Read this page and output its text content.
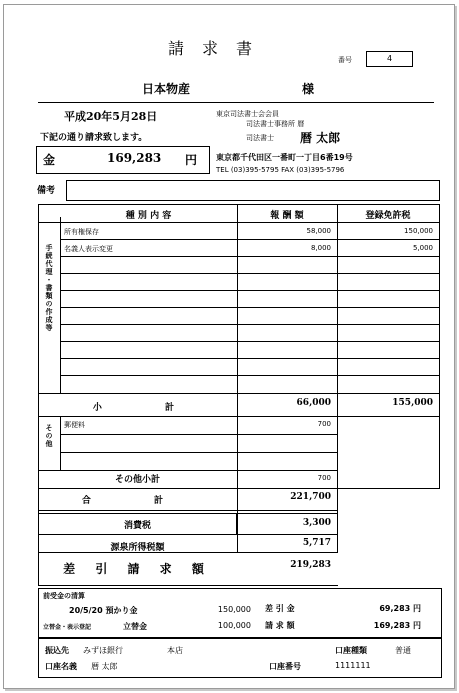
請求書
番号	4
日本物産	様
平成20年5月28日
下記の通り請求致します。
金	169,283 円
東京司法書士会会員
司法書士事務所 暦
司法書士 暦 太郎
東京都千代田区一番町一丁目6番19号
TEL (03)395-5795 FAX (03)395-5796
備考
種 別 内 容	報 酬 額	登録免許税
手続代理・書類の作成等
所有権保存	58,000	150,000
名義人表示変更	8,000	5,000
小 計	66,000	155,000
その他 郵便料	700
その他小計	700
合 計	221,700
消費税	3,300
源泉所得税額	5,717
差 引 請 求 額	219,283
前受金の清算
20/5/20 預かり金	150,000
立替金・表示登記	立替金	100,000
差 引 金	69,283 円
請 求 額	169,283 円
振込先 みずほ銀行	本店	口座種類	普通
口座名義 暦 太郎	口座番号	1111111
